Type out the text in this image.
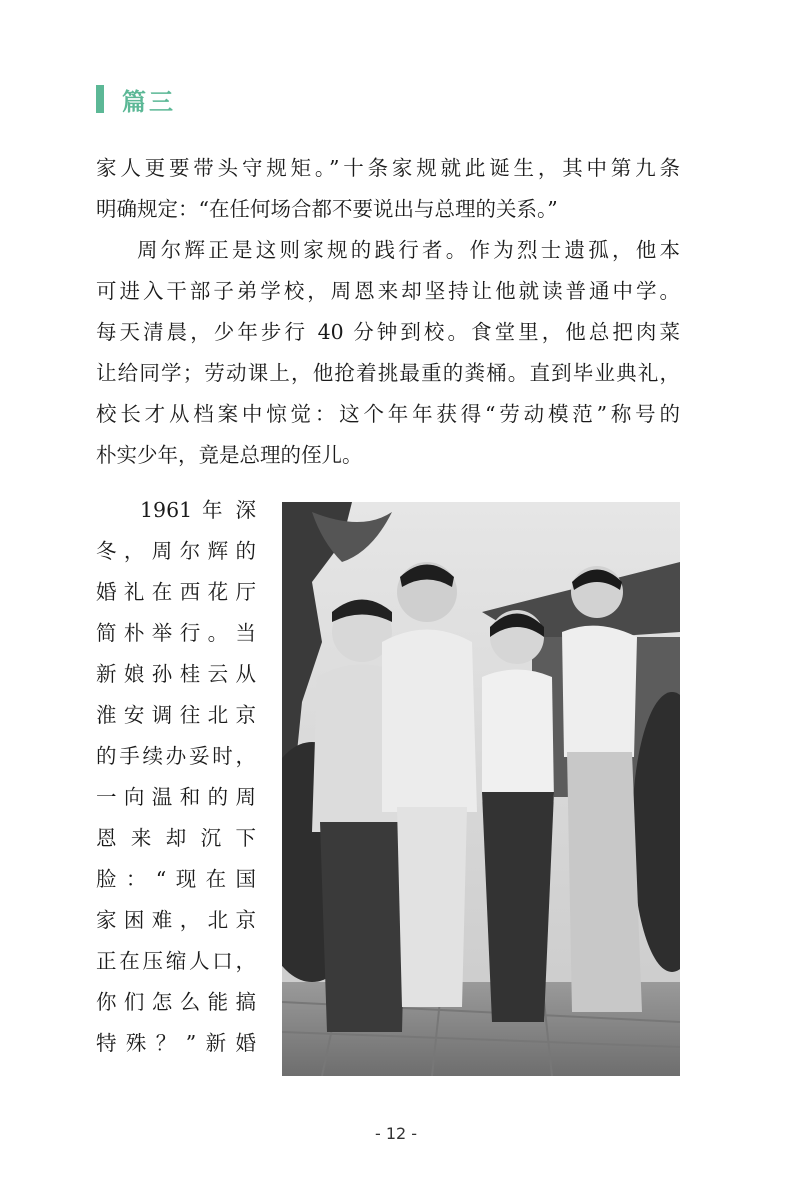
篇三
家人更要带头守规矩。”十条家规就此诞生，其中第九条
明确规定：“在任何场合都不要说出与总理的关系。”
周尔辉正是这则家规的践行者。作为烈士遗孤，他本
可进入干部子弟学校，周恩来却坚持让他就读普通中学。
每天清晨，少年步行 40 分钟到校。食堂里，他总把肉菜
让给同学；劳动课上，他抢着挑最重的粪桶。直到毕业典礼，
校长才从档案中惊觉：这个年年获得“劳动模范”称号的
朴实少年，竟是总理的侄儿。
1961 年 深
冬，周尔辉的
婚礼在西花厅
简朴举行。当
新娘孙桂云从
淮安调往北京
的手续办妥时，
一向温和的周
恩来却沉下
脸：“现在国
家困难，北京
正在压缩人口，
你们怎么能搞
特殊？”新婚
- 12 -
